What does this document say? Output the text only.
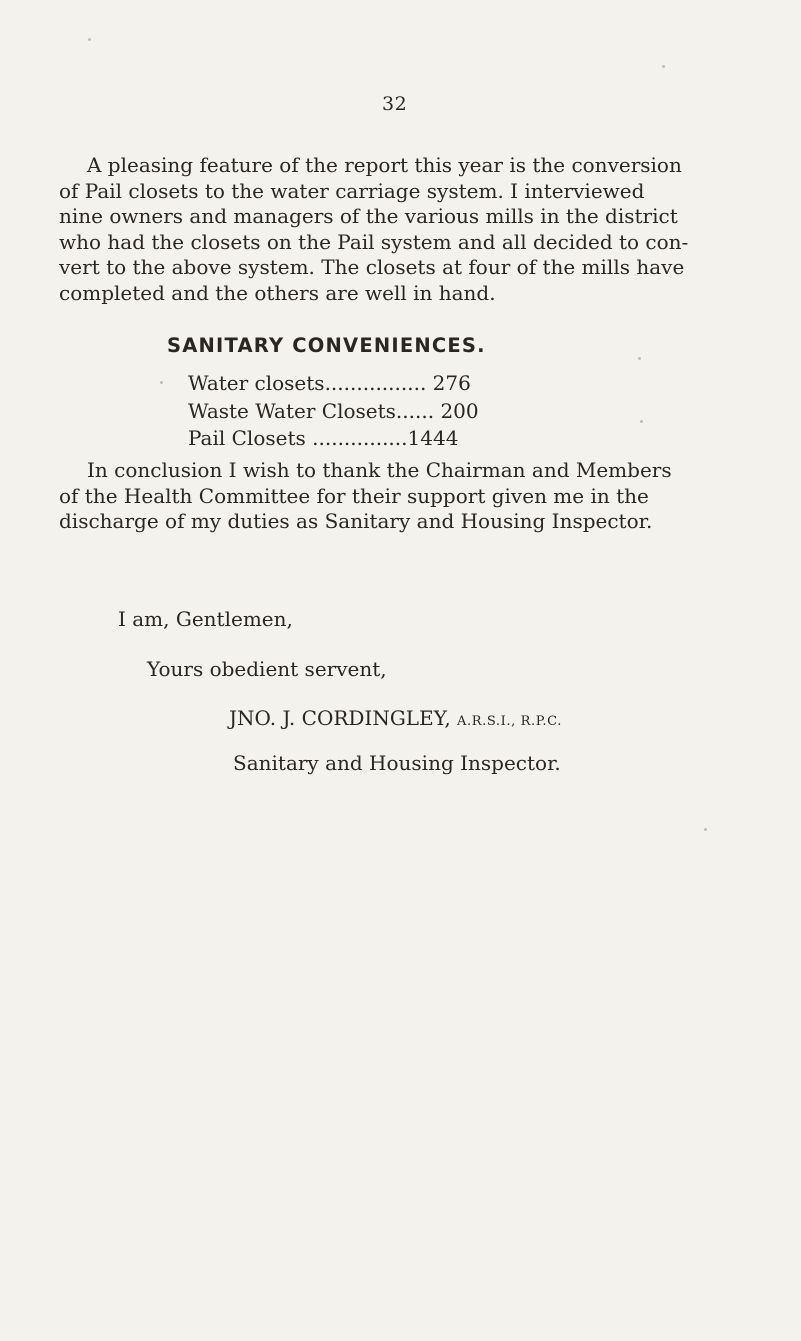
32
A pleasing feature of the report this year is the conversion
of Pail closets to the water carriage system. I interviewed
nine owners and managers of the various mills in the district
who had the closets on the Pail system and all decided to con-
vert to the above system. The closets at four of the mills have
completed and the others are well in hand.
SANITARY CONVENIENCES.
Water closets................ 276
Waste Water Closets...... 200
Pail Closets ...............1444
In conclusion I wish to thank the Chairman and Members
of the Health Committee for their support given me in the
discharge of my duties as Sanitary and Housing Inspector.
I am, Gentlemen,
Yours obedient servent,
JNO. J. CORDINGLEY, A.R.S.I., R.P.C.
Sanitary and Housing Inspector.
